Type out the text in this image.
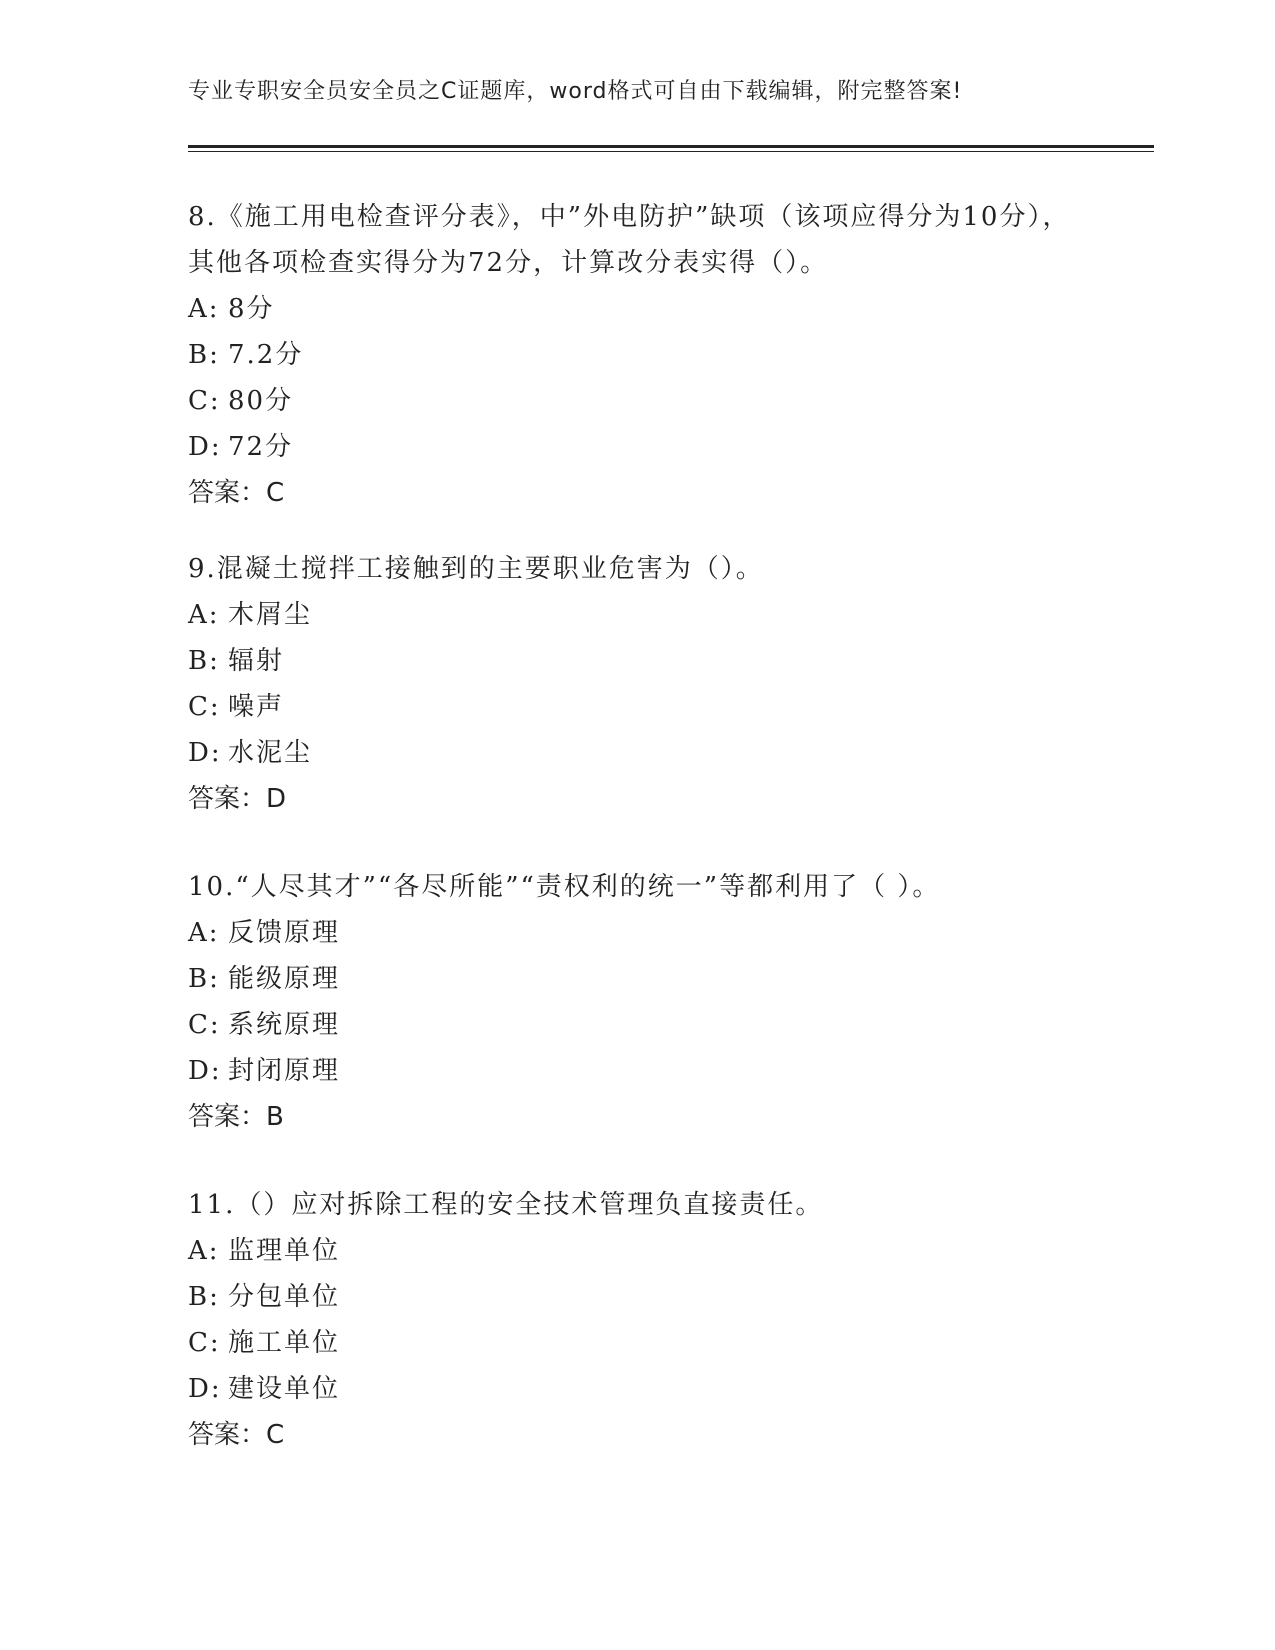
专业专职安全员安全员之C证题库，word格式可自由下载编辑，附完整答案!

8.《施工用电检查评分表》，中”外电防护”缺项（该项应得分为10分），其他各项检查实得分为72分，计算改分表实得（）。

A: 8分
B: 7.2分
C: 80分
D: 72分
答案：C

9.混凝土搅拌工接触到的主要职业危害为（）。

A: 木屑尘
B: 辐射
C: 噪声
D: 水泥尘
答案：D

10.“人尽其才”“各尽所能”“责权利的统一”等都利用了（ ）。

A: 反馈原理
B: 能级原理
C: 系统原理
D: 封闭原理
答案：B

11.（）应对拆除工程的安全技术管理负直接责任。

A: 监理单位
B: 分包单位
C: 施工单位
D: 建设单位
答案：C
